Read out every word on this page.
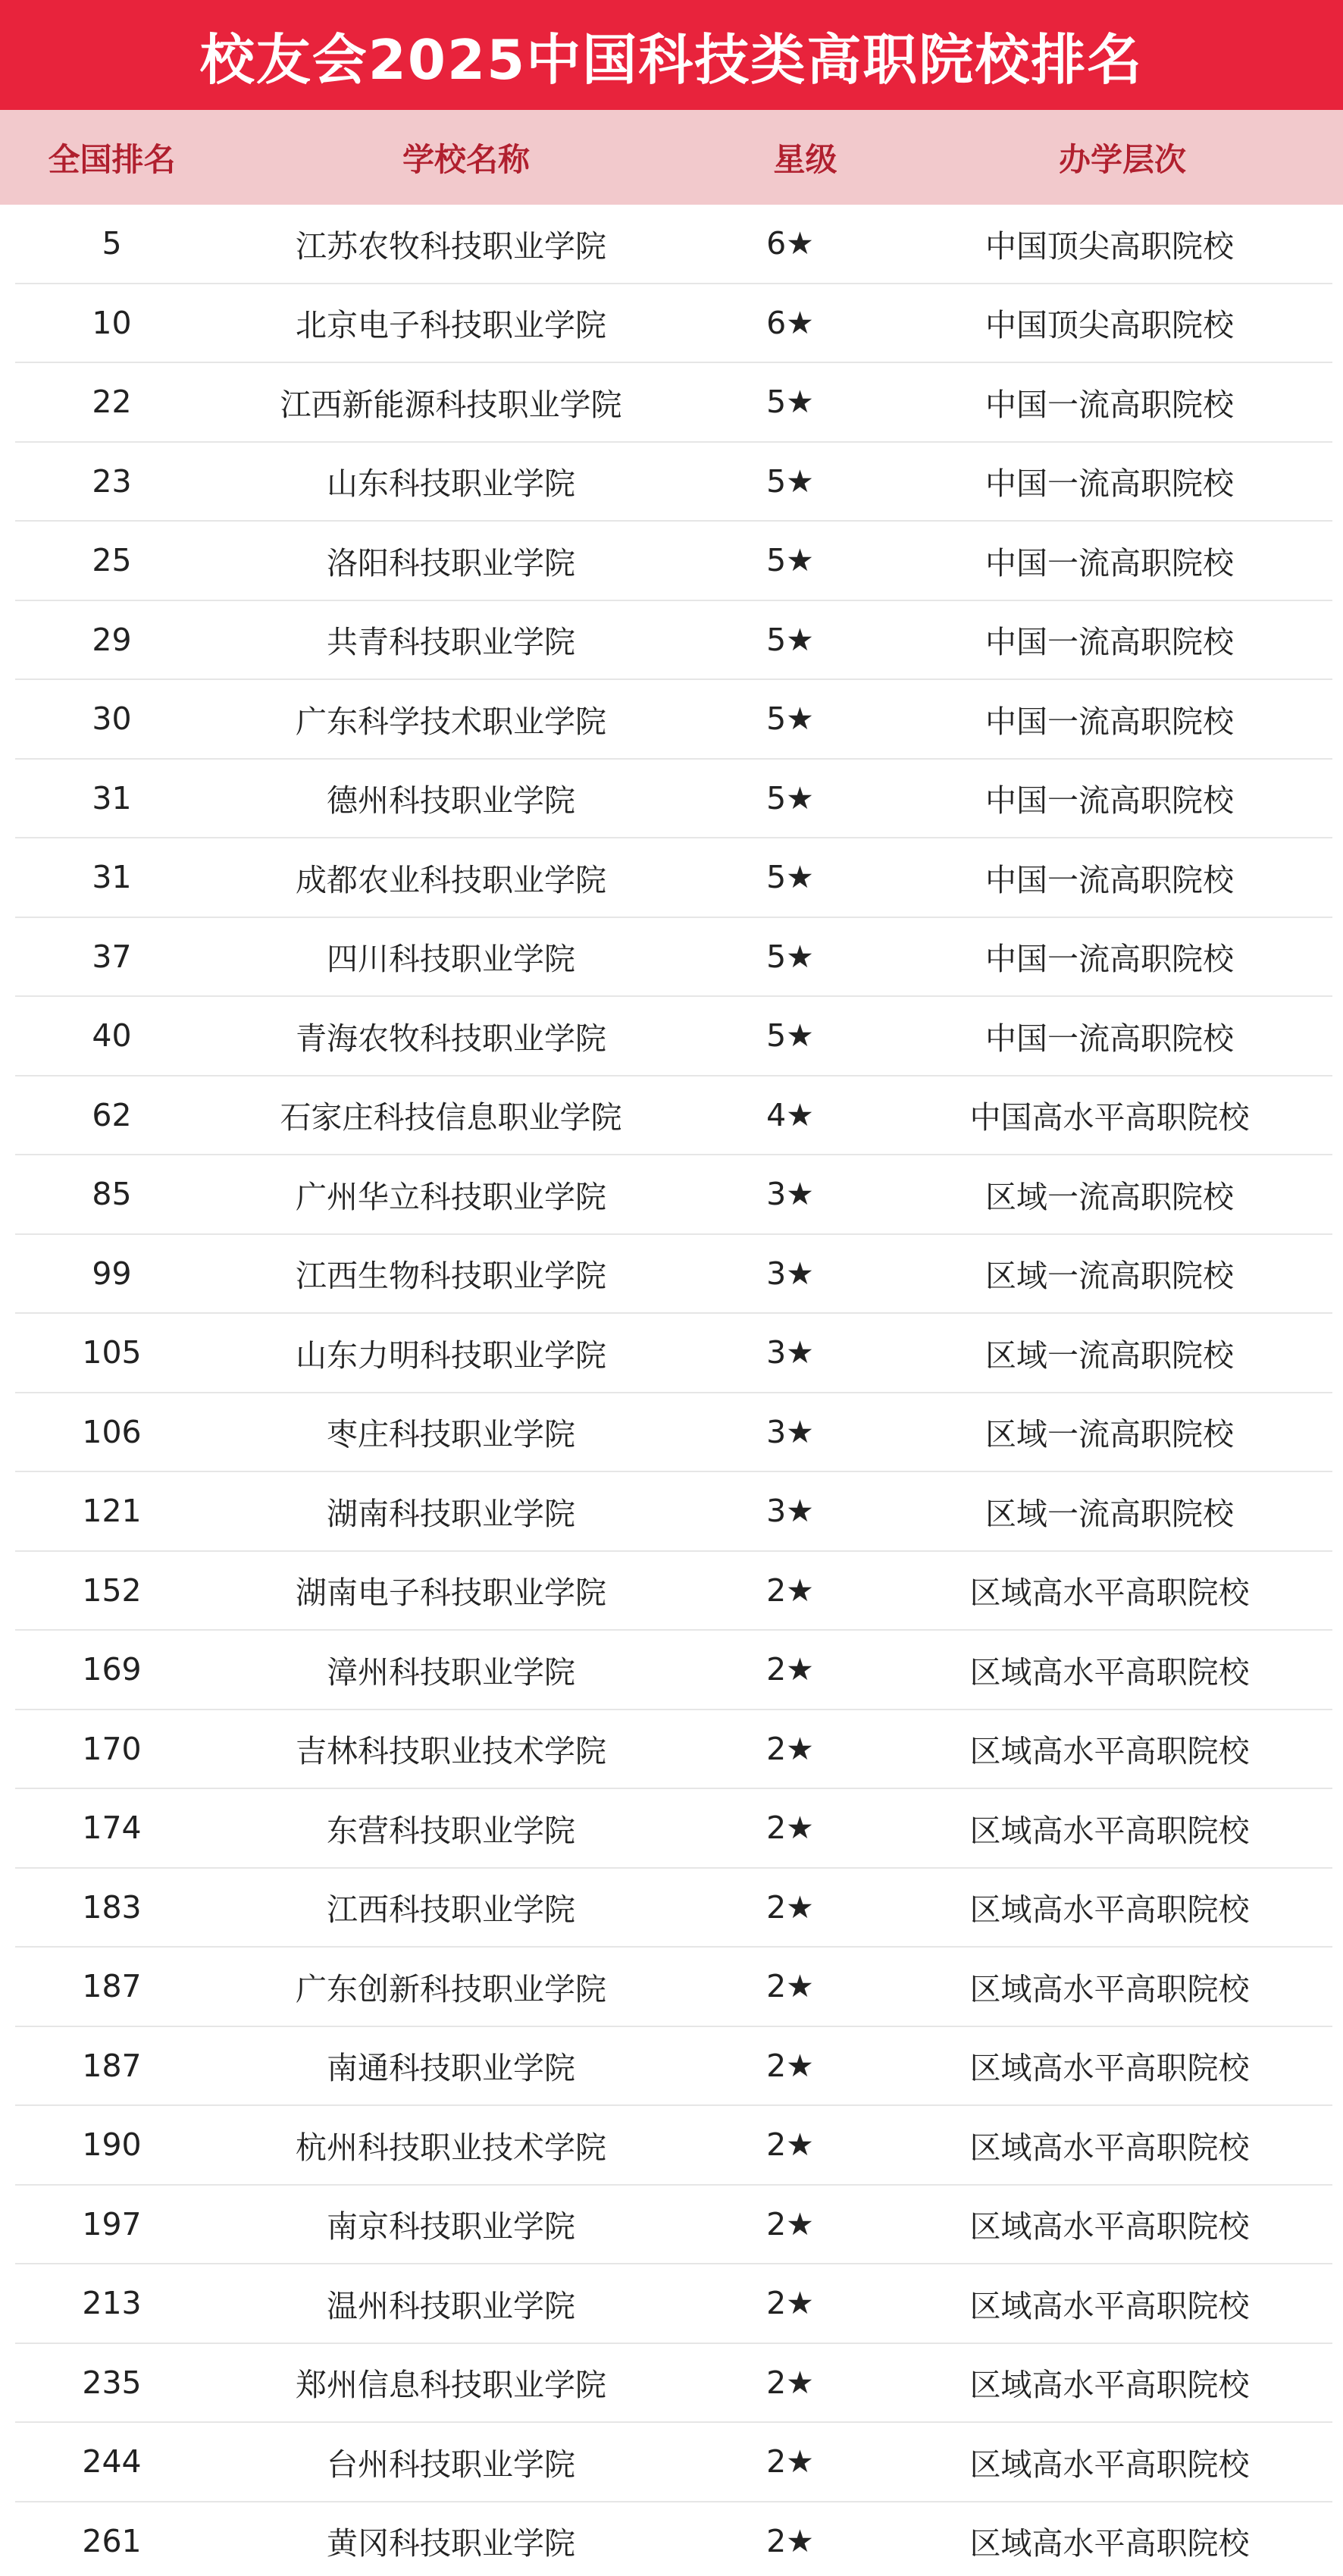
校友会2025中国科技类高职院校排名
全国排名	学校名称	星级	办学层次
5	江苏农牧科技职业学院	6★	中国顶尖高职院校
10	北京电子科技职业学院	6★	中国顶尖高职院校
22	江西新能源科技职业学院	5★	中国一流高职院校
23	山东科技职业学院	5★	中国一流高职院校
25	洛阳科技职业学院	5★	中国一流高职院校
29	共青科技职业学院	5★	中国一流高职院校
30	广东科学技术职业学院	5★	中国一流高职院校
31	德州科技职业学院	5★	中国一流高职院校
31	成都农业科技职业学院	5★	中国一流高职院校
37	四川科技职业学院	5★	中国一流高职院校
40	青海农牧科技职业学院	5★	中国一流高职院校
62	石家庄科技信息职业学院	4★	中国高水平高职院校
85	广州华立科技职业学院	3★	区域一流高职院校
99	江西生物科技职业学院	3★	区域一流高职院校
105	山东力明科技职业学院	3★	区域一流高职院校
106	枣庄科技职业学院	3★	区域一流高职院校
121	湖南科技职业学院	3★	区域一流高职院校
152	湖南电子科技职业学院	2★	区域高水平高职院校
169	漳州科技职业学院	2★	区域高水平高职院校
170	吉林科技职业技术学院	2★	区域高水平高职院校
174	东营科技职业学院	2★	区域高水平高职院校
183	江西科技职业学院	2★	区域高水平高职院校
187	广东创新科技职业学院	2★	区域高水平高职院校
187	南通科技职业学院	2★	区域高水平高职院校
190	杭州科技职业技术学院	2★	区域高水平高职院校
197	南京科技职业学院	2★	区域高水平高职院校
213	温州科技职业学院	2★	区域高水平高职院校
235	郑州信息科技职业学院	2★	区域高水平高职院校
244	台州科技职业学院	2★	区域高水平高职院校
261	黄冈科技职业学院	2★	区域高水平高职院校
